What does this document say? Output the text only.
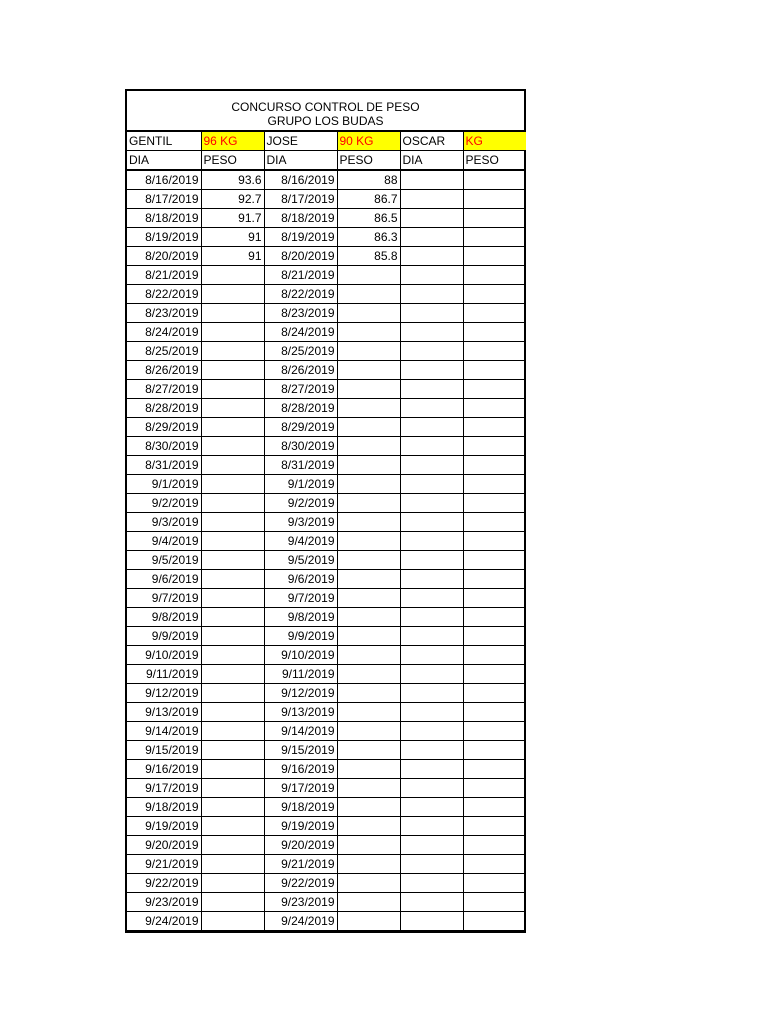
CONCURSO CONTROL DE PESO
GRUPO LOS BUDAS
GENTIL	96 KG	JOSE	90 KG	OSCAR	KG
DIA	PESO	DIA	PESO	DIA	PESO
8/16/2019	93.6	8/16/2019	88		
8/17/2019	92.7	8/17/2019	86.7		
8/18/2019	91.7	8/18/2019	86.5		
8/19/2019	91	8/19/2019	86.3		
8/20/2019	91	8/20/2019	85.8		
8/21/2019		8/21/2019			
8/22/2019		8/22/2019			
8/23/2019		8/23/2019			
8/24/2019		8/24/2019			
8/25/2019		8/25/2019			
8/26/2019		8/26/2019			
8/27/2019		8/27/2019			
8/28/2019		8/28/2019			
8/29/2019		8/29/2019			
8/30/2019		8/30/2019			
8/31/2019		8/31/2019			
9/1/2019		9/1/2019			
9/2/2019		9/2/2019			
9/3/2019		9/3/2019			
9/4/2019		9/4/2019			
9/5/2019		9/5/2019			
9/6/2019		9/6/2019			
9/7/2019		9/7/2019			
9/8/2019		9/8/2019			
9/9/2019		9/9/2019			
9/10/2019		9/10/2019			
9/11/2019		9/11/2019			
9/12/2019		9/12/2019			
9/13/2019		9/13/2019			
9/14/2019		9/14/2019			
9/15/2019		9/15/2019			
9/16/2019		9/16/2019			
9/17/2019		9/17/2019			
9/18/2019		9/18/2019			
9/19/2019		9/19/2019			
9/20/2019		9/20/2019			
9/21/2019		9/21/2019			
9/22/2019		9/22/2019			
9/23/2019		9/23/2019			
9/24/2019		9/24/2019			
